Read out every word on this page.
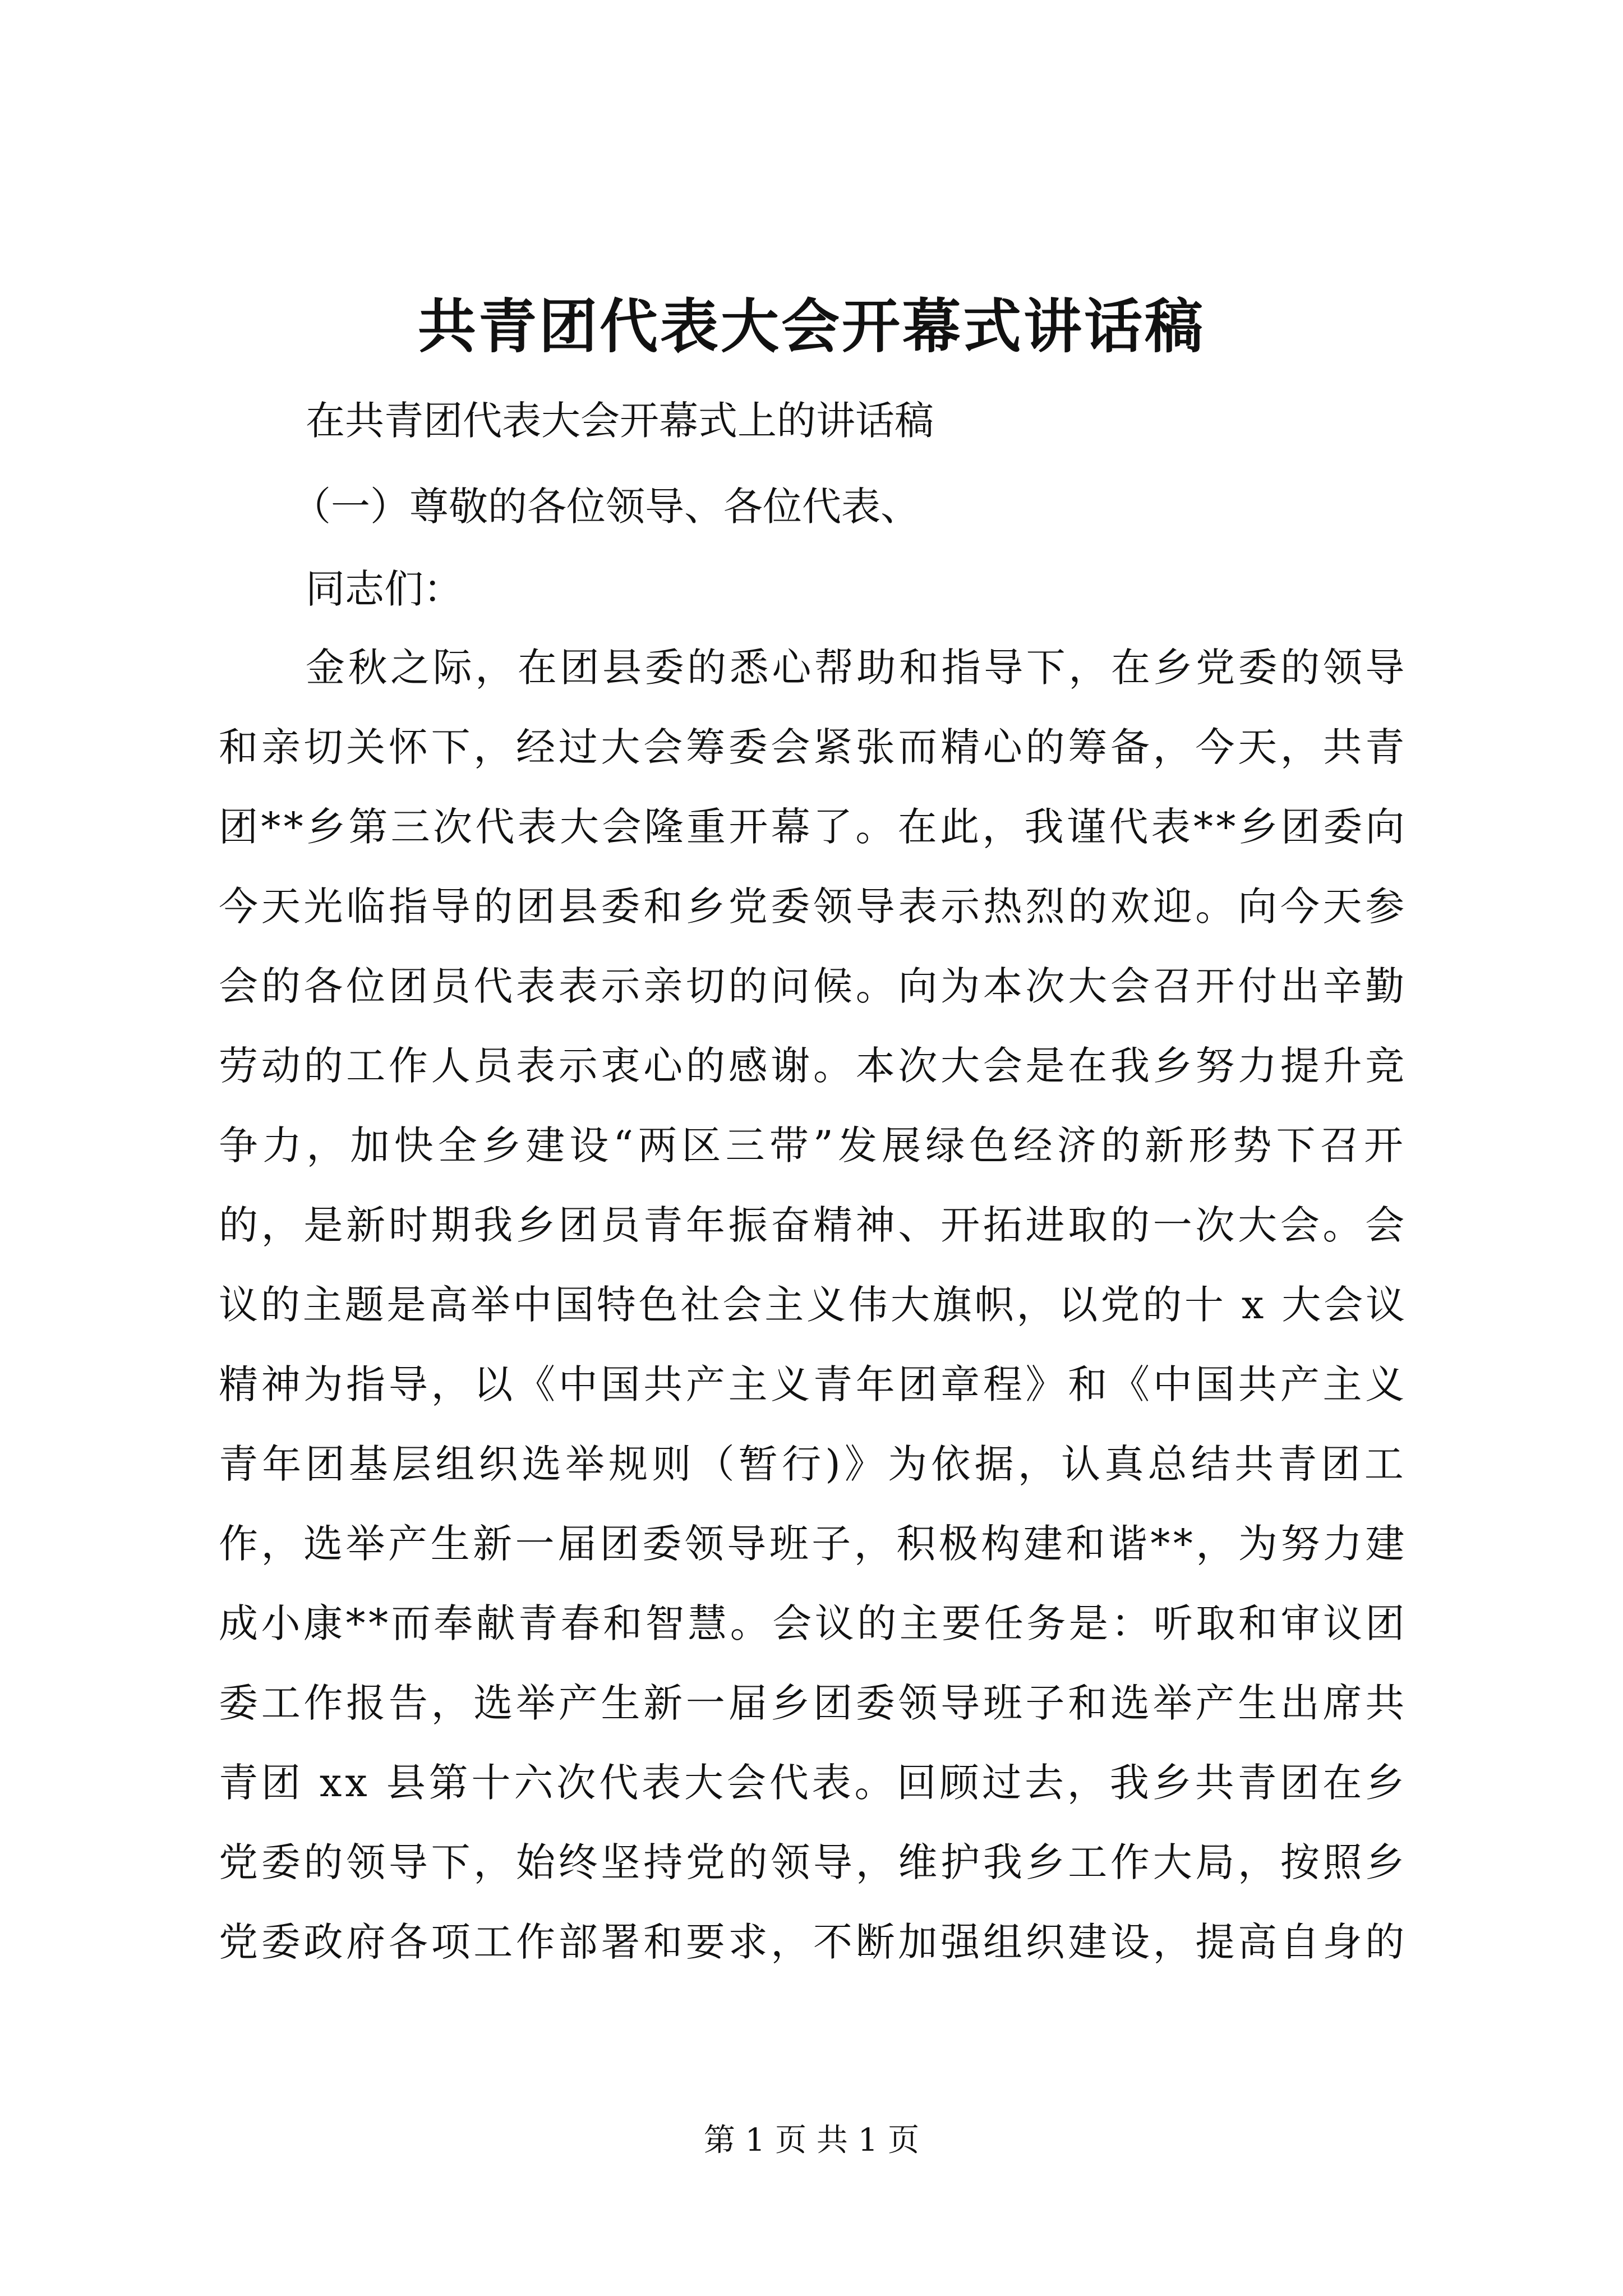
共青团代表大会开幕式讲话稿

在共青团代表大会开幕式上的讲话稿

（一）尊敬的各位领导、各位代表、

同志们：

金秋之际，在团县委的悉心帮助和指导下，在乡党委的领导

和亲切关怀下，经过大会筹委会紧张而精心的筹备，今天，共青

团**乡第三次代表大会隆重开幕了。在此，我谨代表**乡团委向

今天光临指导的团县委和乡党委领导表示热烈的欢迎。向今天参

会的各位团员代表表示亲切的问候。向为本次大会召开付出辛勤

劳动的工作人员表示衷心的感谢。本次大会是在我乡努力提升竞

争力，加快全乡建设“两区三带”发展绿色经济的新形势下召开

的，是新时期我乡团员青年振奋精神、开拓进取的一次大会。会

议的主题是高举中国特色社会主义伟大旗帜，以党的十 x 大会议

精神为指导，以《中国共产主义青年团章程》和《中国共产主义

青年团基层组织选举规则（暂行)》为依据，认真总结共青团工

作，选举产生新一届团委领导班子，积极构建和谐**，为努力建

成小康**而奉献青春和智慧。会议的主要任务是：听取和审议团

委工作报告，选举产生新一届乡团委领导班子和选举产生出席共

青团 xx 县第十六次代表大会代表。回顾过去，我乡共青团在乡

党委的领导下，始终坚持党的领导，维护我乡工作大局，按照乡

党委政府各项工作部署和要求，不断加强组织建设，提高自身的

第 1 页 共 1 页
